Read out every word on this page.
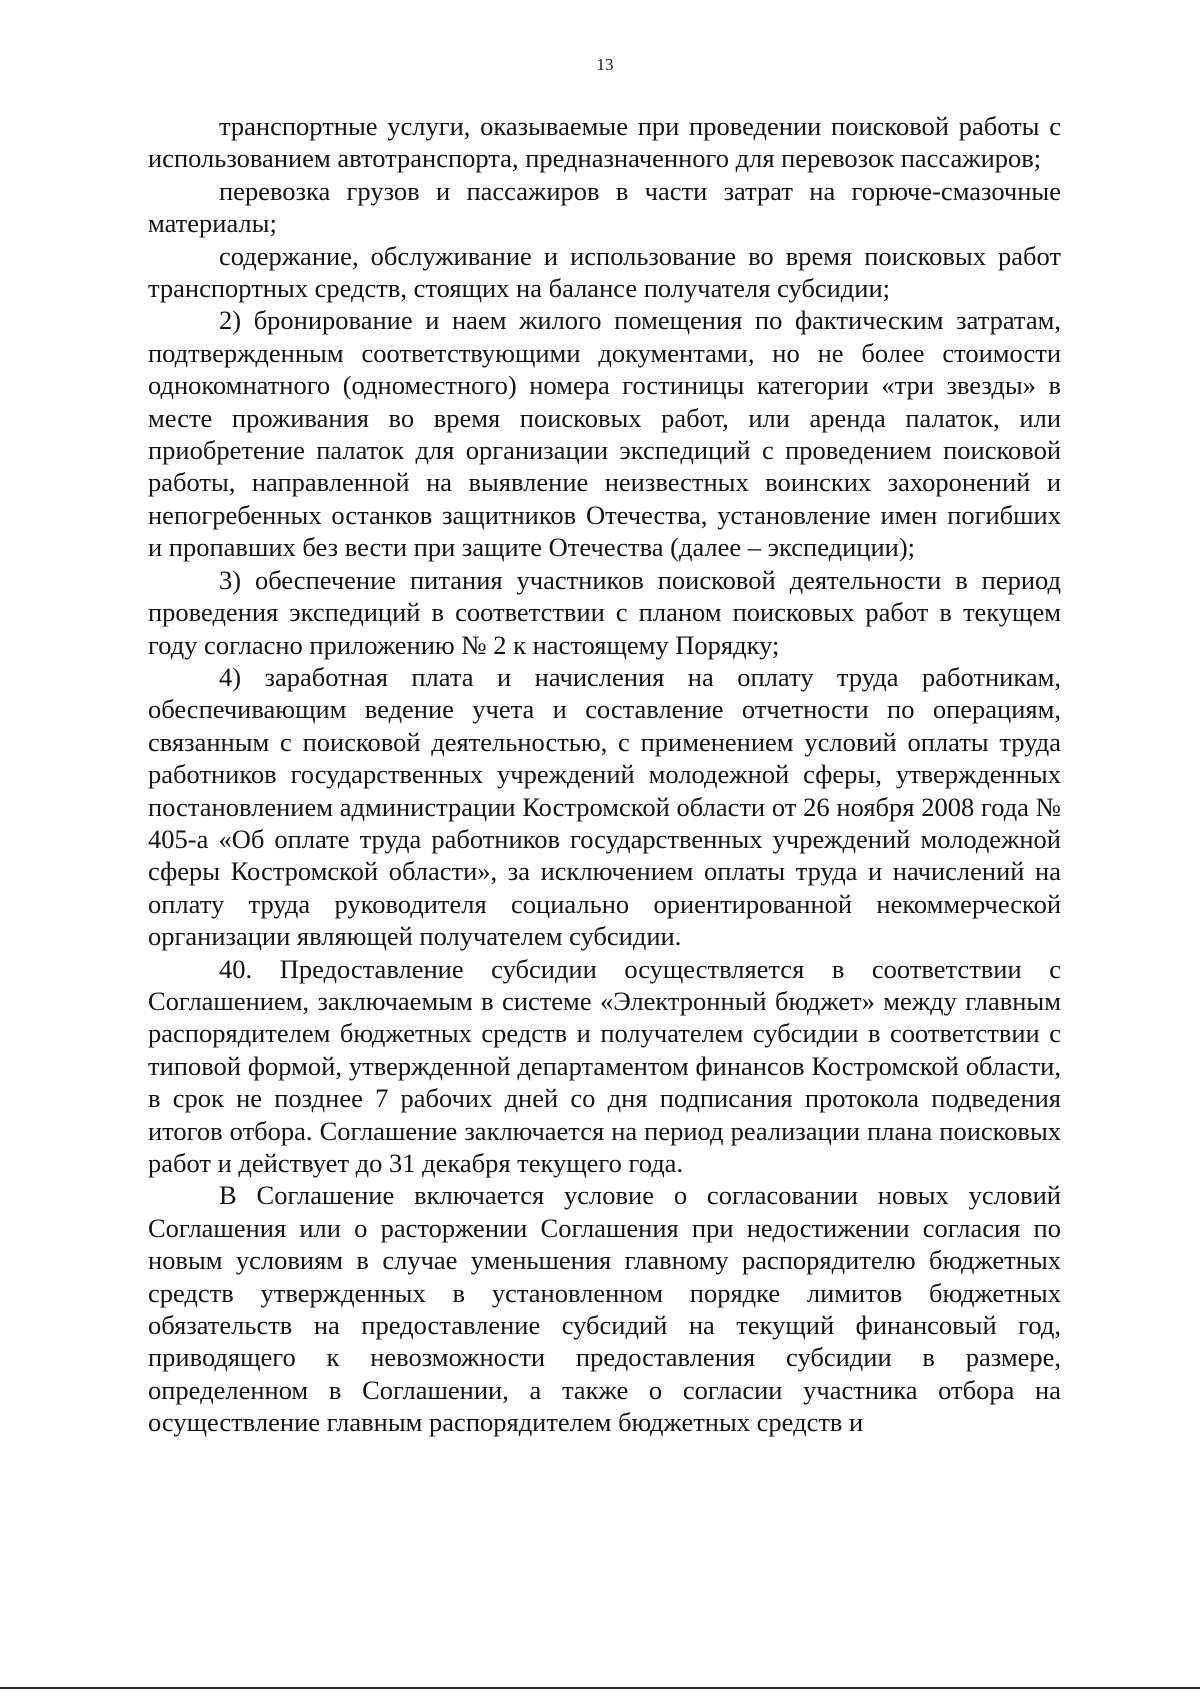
13

транспортные услуги, оказываемые при проведении поисковой работы с использованием автотранспорта, предназначенного для перевозок пассажиров;

перевозка грузов и пассажиров в части затрат на горюче-смазочные материалы;

содержание, обслуживание и использование во время поисковых работ транспортных средств, стоящих на балансе получателя субсидии;

2) бронирование и наем жилого помещения по фактическим затратам, подтвержденным соответствующими документами, но не более стоимости однокомнатного (одноместного) номера гостиницы категории «три звезды» в месте проживания во время поисковых работ, или аренда палаток, или приобретение палаток для организации экспедиций с проведением поисковой работы, направленной на выявление неизвестных воинских захоронений и непогребенных останков защитников Отечества, установление имен погибших и пропавших без вести при защите Отечества (далее – экспедиции);

3) обеспечение питания участников поисковой деятельности в период проведения экспедиций в соответствии с планом поисковых работ в текущем году согласно приложению № 2 к настоящему Порядку;

4) заработная плата и начисления на оплату труда работникам, обеспечивающим ведение учета и составление отчетности по операциям, связанным с поисковой деятельностью, с применением условий оплаты труда работников государственных учреждений молодежной сферы, утвержденных постановлением администрации Костромской области от 26 ноября 2008 года № 405-а «Об оплате труда работников государственных учреждений молодежной сферы Костромской области», за исключением оплаты труда и начислений на оплату труда руководителя социально ориентированной некоммерческой организации являющей получателем субсидии.

40. Предоставление субсидии осуществляется в соответствии с Соглашением, заключаемым в системе «Электронный бюджет» между главным распорядителем бюджетных средств и получателем субсидии в соответствии с типовой формой, утвержденной департаментом финансов Костромской области, в срок не позднее 7 рабочих дней со дня подписания протокола подведения итогов отбора. Соглашение заключается на период реализации плана поисковых работ и действует до 31 декабря текущего года.

В Соглашение включается условие о согласовании новых условий Соглашения или о расторжении Соглашения при недостижении согласия по новым условиям в случае уменьшения главному распорядителю бюджетных средств утвержденных в установленном порядке лимитов бюджетных обязательств на предоставление субсидий на текущий финансовый год, приводящего к невозможности предоставления субсидии в размере, определенном в Соглашении, а также о согласии участника отбора на осуществление главным распорядителем бюджетных средств и
